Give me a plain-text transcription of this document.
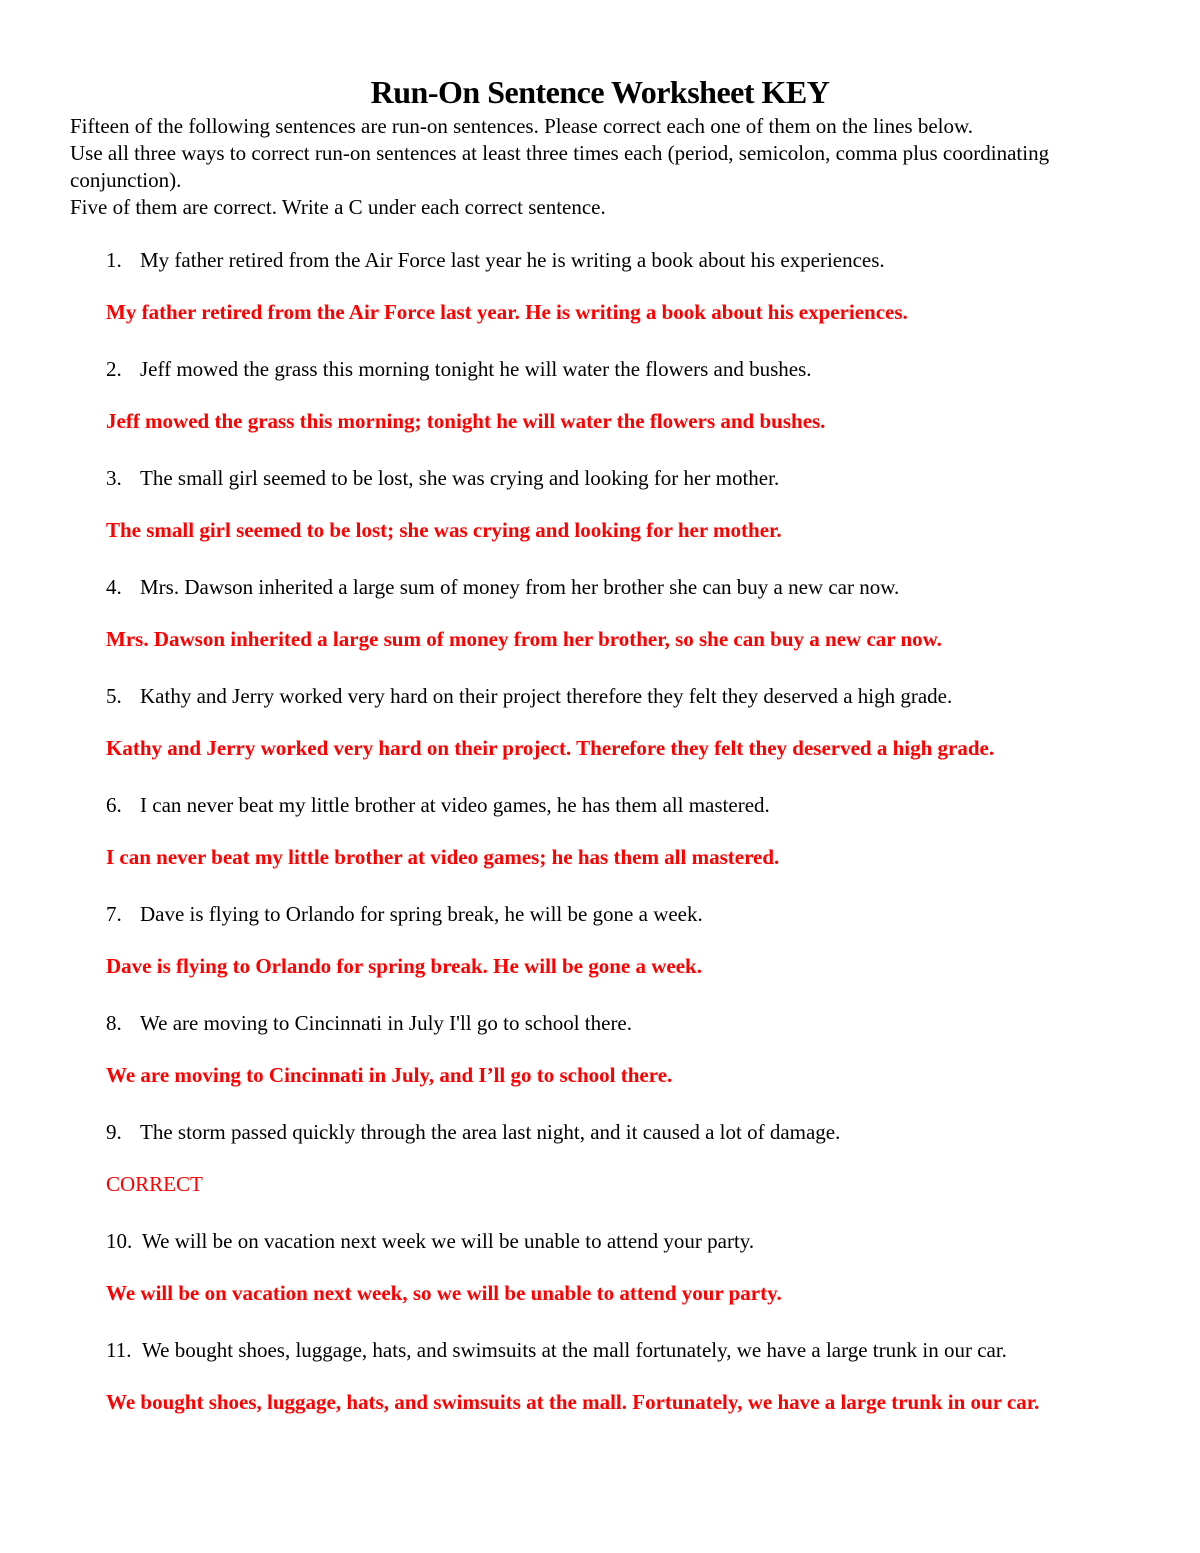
Run-On Sentence Worksheet KEY

Fifteen of the following sentences are run-on sentences. Please correct each one of them on the lines below.

Use all three ways to correct run-on sentences at least three times each (period, semicolon, comma plus coordinating conjunction).

Five of them are correct. Write a C under each correct sentence.

1. My father retired from the Air Force last year he is writing a book about his experiences.
My father retired from the Air Force last year. He is writing a book about his experiences.
2. Jeff mowed the grass this morning tonight he will water the flowers and bushes.
Jeff mowed the grass this morning; tonight he will water the flowers and bushes.
3. The small girl seemed to be lost, she was crying and looking for her mother.
The small girl seemed to be lost; she was crying and looking for her mother.
4. Mrs. Dawson inherited a large sum of money from her brother she can buy a new car now.
Mrs. Dawson inherited a large sum of money from her brother, so she can buy a new car now.
5. Kathy and Jerry worked very hard on their project therefore they felt they deserved a high grade.
Kathy and Jerry worked very hard on their project. Therefore they felt they deserved a high grade.
6. I can never beat my little brother at video games, he has them all mastered.
I can never beat my little brother at video games; he has them all mastered.
7. Dave is flying to Orlando for spring break, he will be gone a week.
Dave is flying to Orlando for spring break. He will be gone a week.
8. We are moving to Cincinnati in July I'll go to school there.
We are moving to Cincinnati in July, and I’ll go to school there.
9. The storm passed quickly through the area last night, and it caused a lot of damage.
CORRECT
10. We will be on vacation next week we will be unable to attend your party.
We will be on vacation next week, so we will be unable to attend your party.
11. We bought shoes, luggage, hats, and swimsuits at the mall fortunately, we have a large trunk in our car.
We bought shoes, luggage, hats, and swimsuits at the mall. Fortunately, we have a large trunk in our car.
